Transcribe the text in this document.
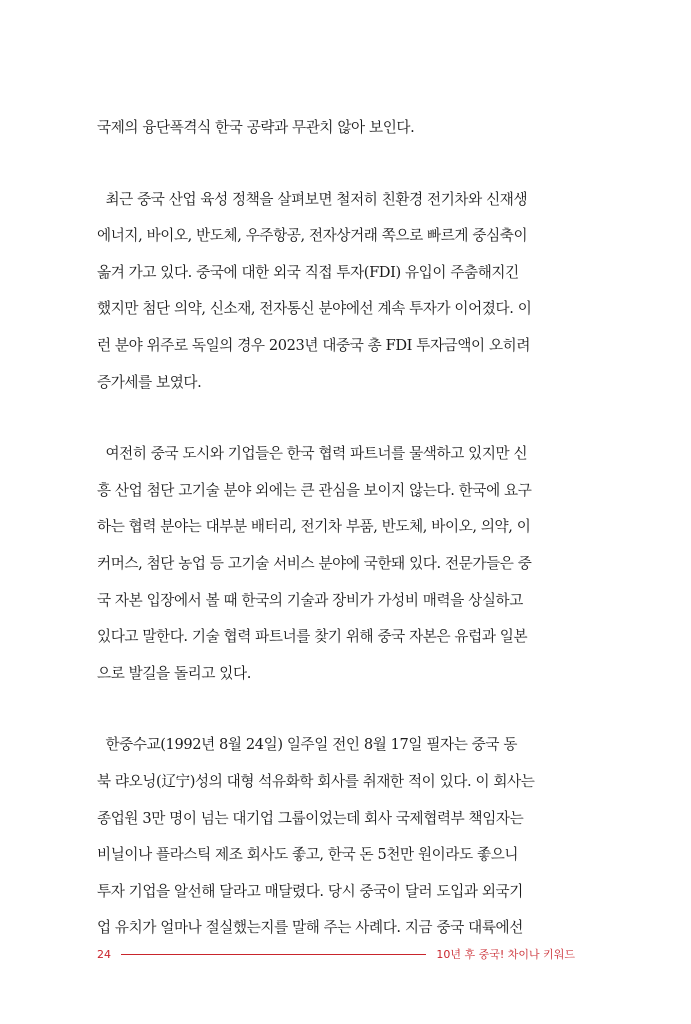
국제의 융단폭격식 한국 공략과 무관치 않아 보인다.
최근 중국 산업 육성 정책을 살펴보면 철저히 친환경 전기차와 신재생
에너지, 바이오, 반도체, 우주항공, 전자상거래 쪽으로 빠르게 중심축이
옮겨 가고 있다. 중국에 대한 외국 직접 투자(FDI) 유입이 주춤해지긴
했지만 첨단 의약, 신소재, 전자통신 분야에선 계속 투자가 이어졌다. 이
런 분야 위주로 독일의 경우 2023년 대중국 총 FDI 투자금액이 오히려
증가세를 보였다.
여전히 중국 도시와 기업들은 한국 협력 파트너를 물색하고 있지만 신
흥 산업 첨단 고기술 분야 외에는 큰 관심을 보이지 않는다. 한국에 요구
하는 협력 분야는 대부분 배터리, 전기차 부품, 반도체, 바이오, 의약, 이
커머스, 첨단 농업 등 고기술 서비스 분야에 국한돼 있다. 전문가들은 중
국 자본 입장에서 볼 때 한국의 기술과 장비가 가성비 매력을 상실하고
있다고 말한다. 기술 협력 파트너를 찾기 위해 중국 자본은 유럽과 일본
으로 발길을 돌리고 있다.
한중수교(1992년 8월 24일) 일주일 전인 8월 17일 필자는 중국 동
북 랴오닝(辽宁)성의 대형 석유화학 회사를 취재한 적이 있다. 이 회사는
종업원 3만 명이 넘는 대기업 그룹이었는데 회사 국제협력부 책임자는
비닐이나 플라스틱 제조 회사도 좋고, 한국 돈 5천만 원이라도 좋으니
투자 기업을 알선해 달라고 매달렸다. 당시 중국이 달러 도입과 외국기
업 유치가 얼마나 절실했는지를 말해 주는 사례다. 지금 중국 대륙에선
24	10년 후 중국! 차이나 키워드
